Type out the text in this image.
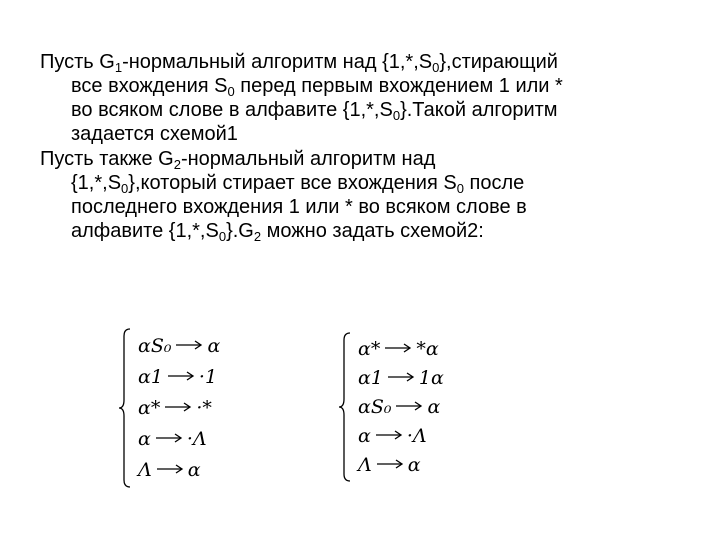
Пусть $G_1$-нормальный алгоритм над $\{1,*,S_0\},стирающий$
все вхождения $S_0$ перед первым вхождением 1 или *
во всяком слове в алфавите $\{1,*,S_0\}.Такой$ алгоритм
задается схемой1
Пусть также $G_2$-нормальный алгоритм над
$\{1,*,S_0\},который$ стирает все вхождения $S_0$ после
последнего вхождения 1 или * во всяком слове в
алфавите $\{1,*,S_0\}.G_2$ можно задать схемой2:
αS₀ α
α1 ·1
α* ·*
α ·Λ
Λ α
α* *α
α1 1α
αS₀ α
α ·Λ
Λ α
